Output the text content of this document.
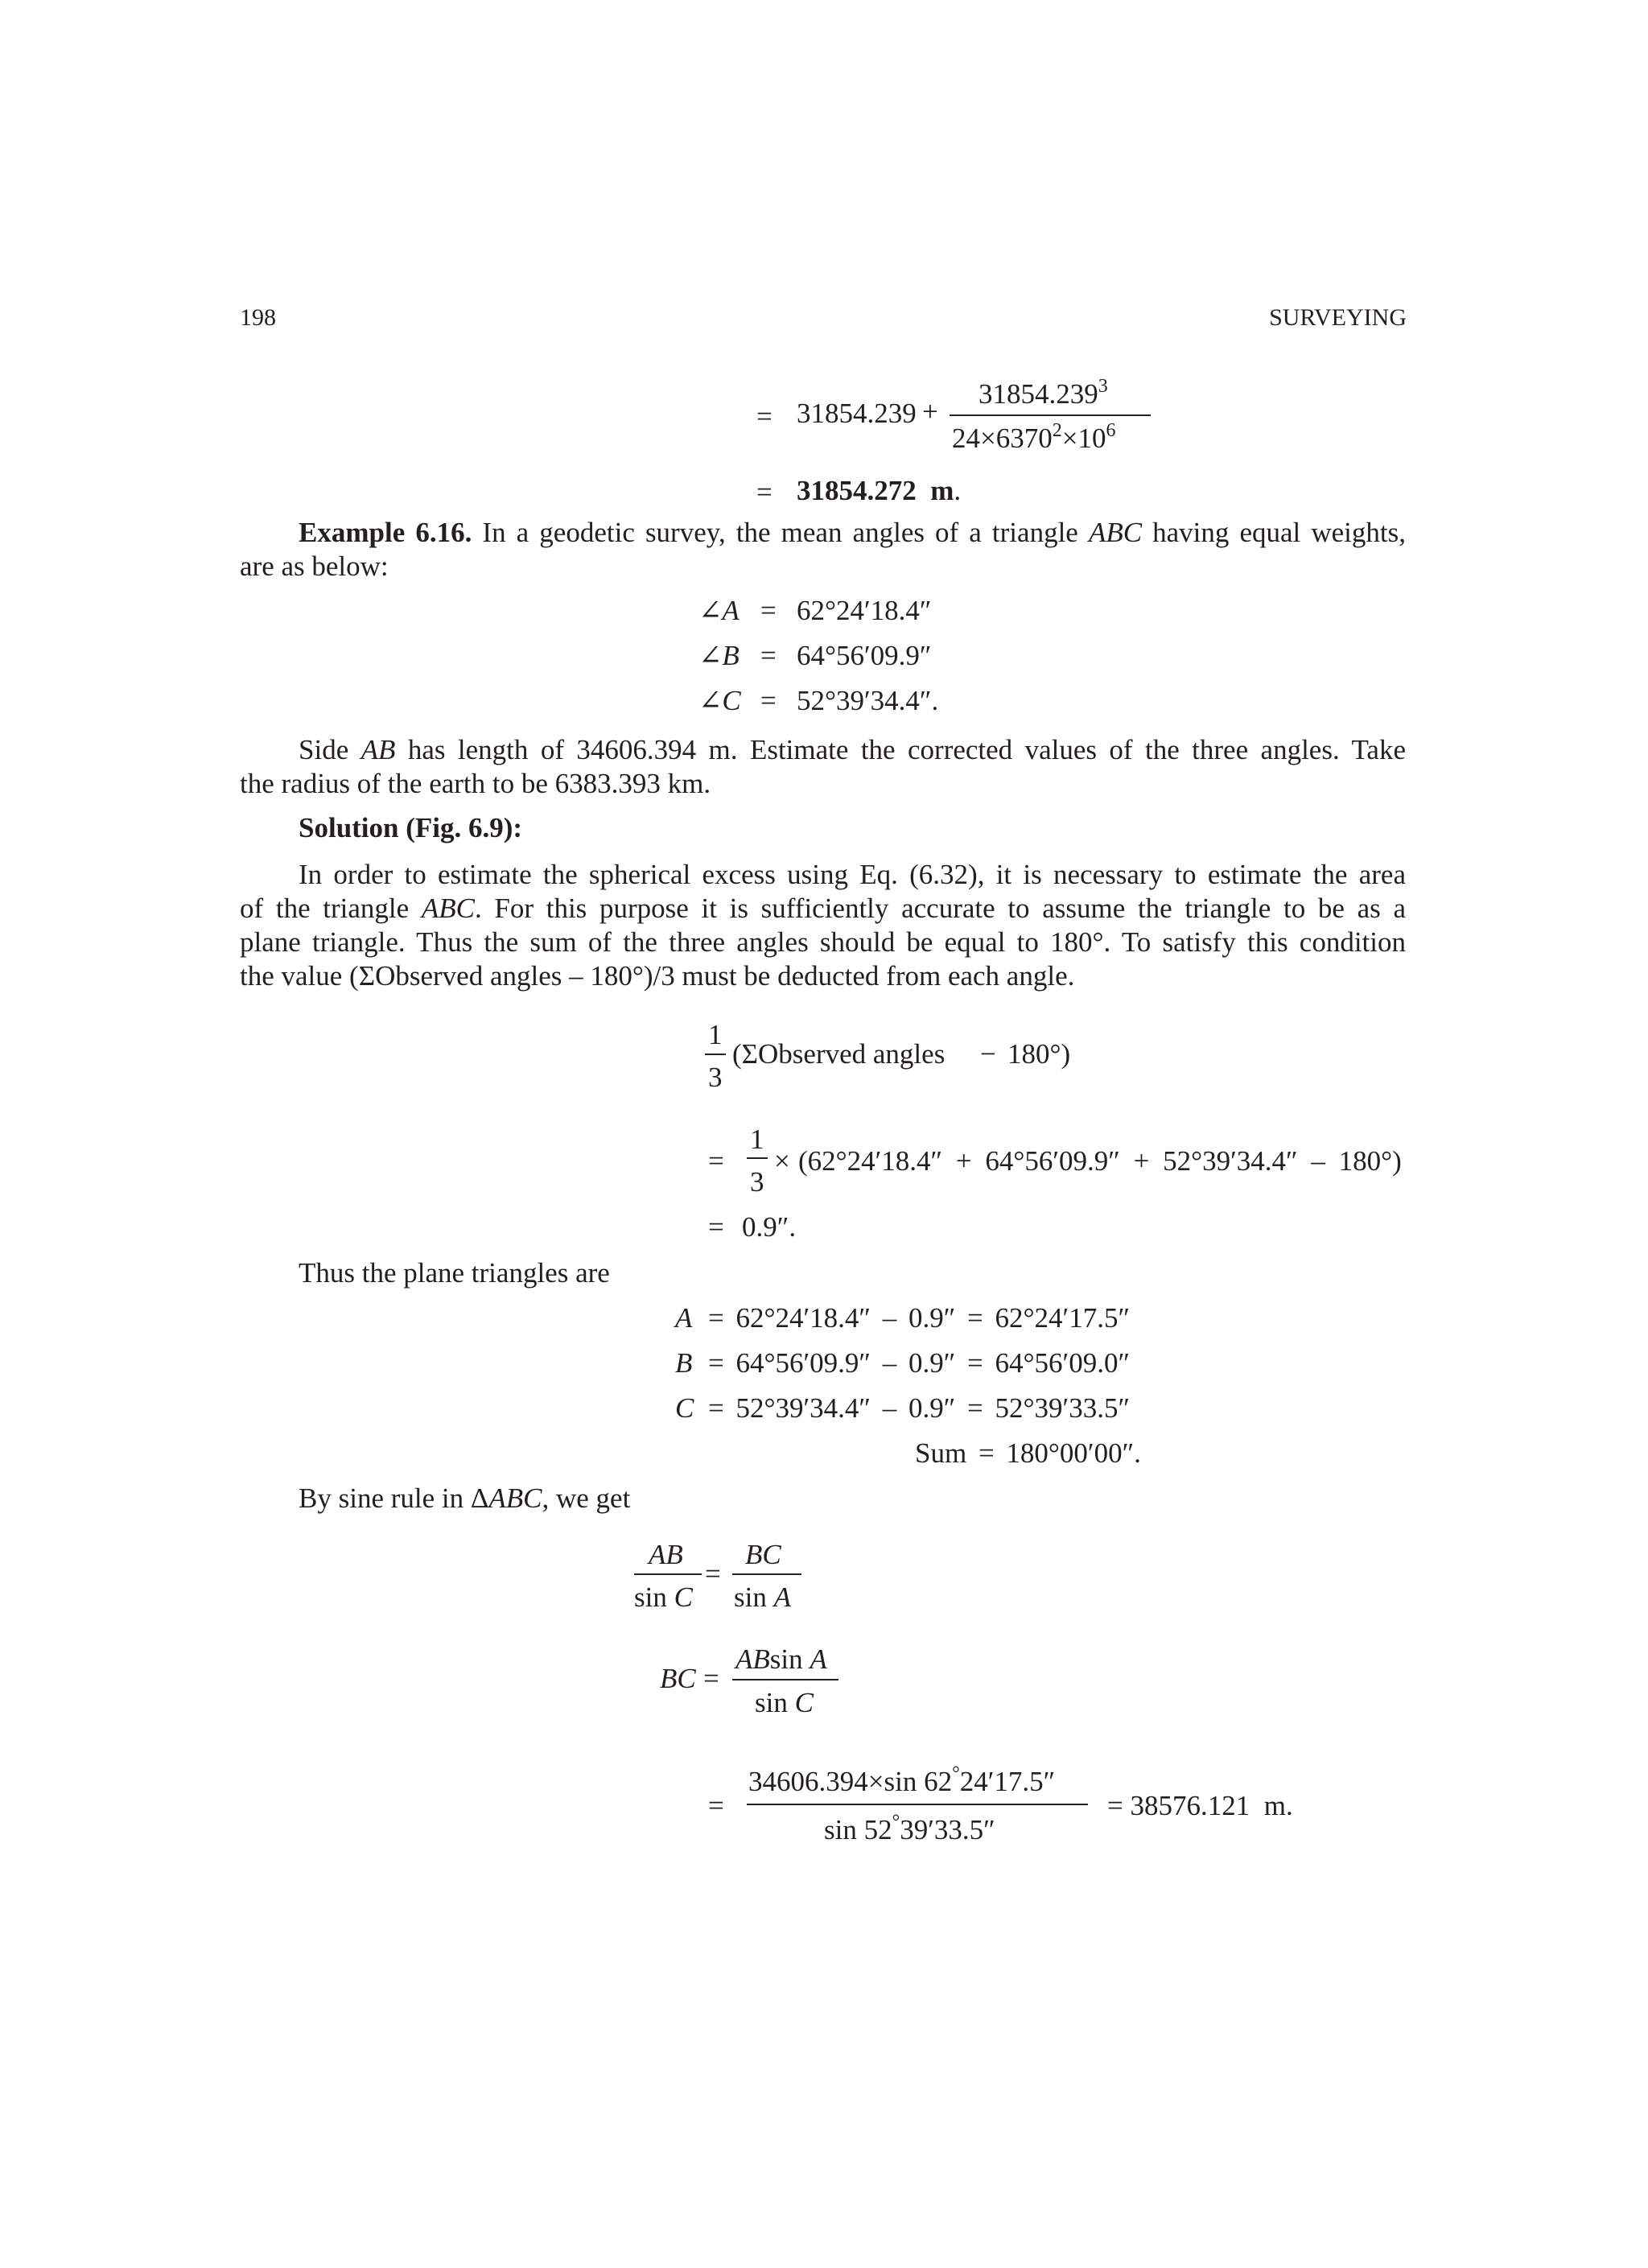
198	SURVEYING
= 31854.239 +
$31854.239^3$
$24\times 6370^2\times 10^6$
= 31854.272 m.
Example 6.16. In a geodetic survey, the mean angles of a triangle ABC having equal weights,
are as below:
∠A = 62°24′18.4″
∠B = 64°56′09.9″
∠C = 52°39′34.4″.
Side AB has length of 34606.394 m. Estimate the corrected values of the three angles. Take
the radius of the earth to be 6383.393 km.
Solution (Fig. 6.9):
In order to estimate the spherical excess using Eq. (6.32), it is necessary to estimate the area
of the triangle ABC. For this purpose it is sufficiently accurate to assume the triangle to be as a
plane triangle. Thus the sum of the three angles should be equal to 180°. To satisfy this condition
the value (ΣObserved angles – 180°)/3 must be deducted from each angle.
1
3
(ΣObserved angles − 180°)
=
1
3
× (62°24′18.4″ + 64°56′09.9″ + 52°39′34.4″ – 180°)
= 0.9″.
Thus the plane triangles are
A = 62°24′18.4″ – 0.9″ = 62°24′17.5″
B = 64°56′09.9″ – 0.9″ = 64°56′09.0″
C = 52°39′34.4″ – 0.9″ = 52°39′33.5″
Sum = 180°00′00″.
By sine rule in ΔABC, we get
AB
sin C
=
BC
sin A
BC =
ABsin A
sin C
=
34606.394×sin 62°24′17.5″
sin 52°39′33.5″
= 38576.121  m.
